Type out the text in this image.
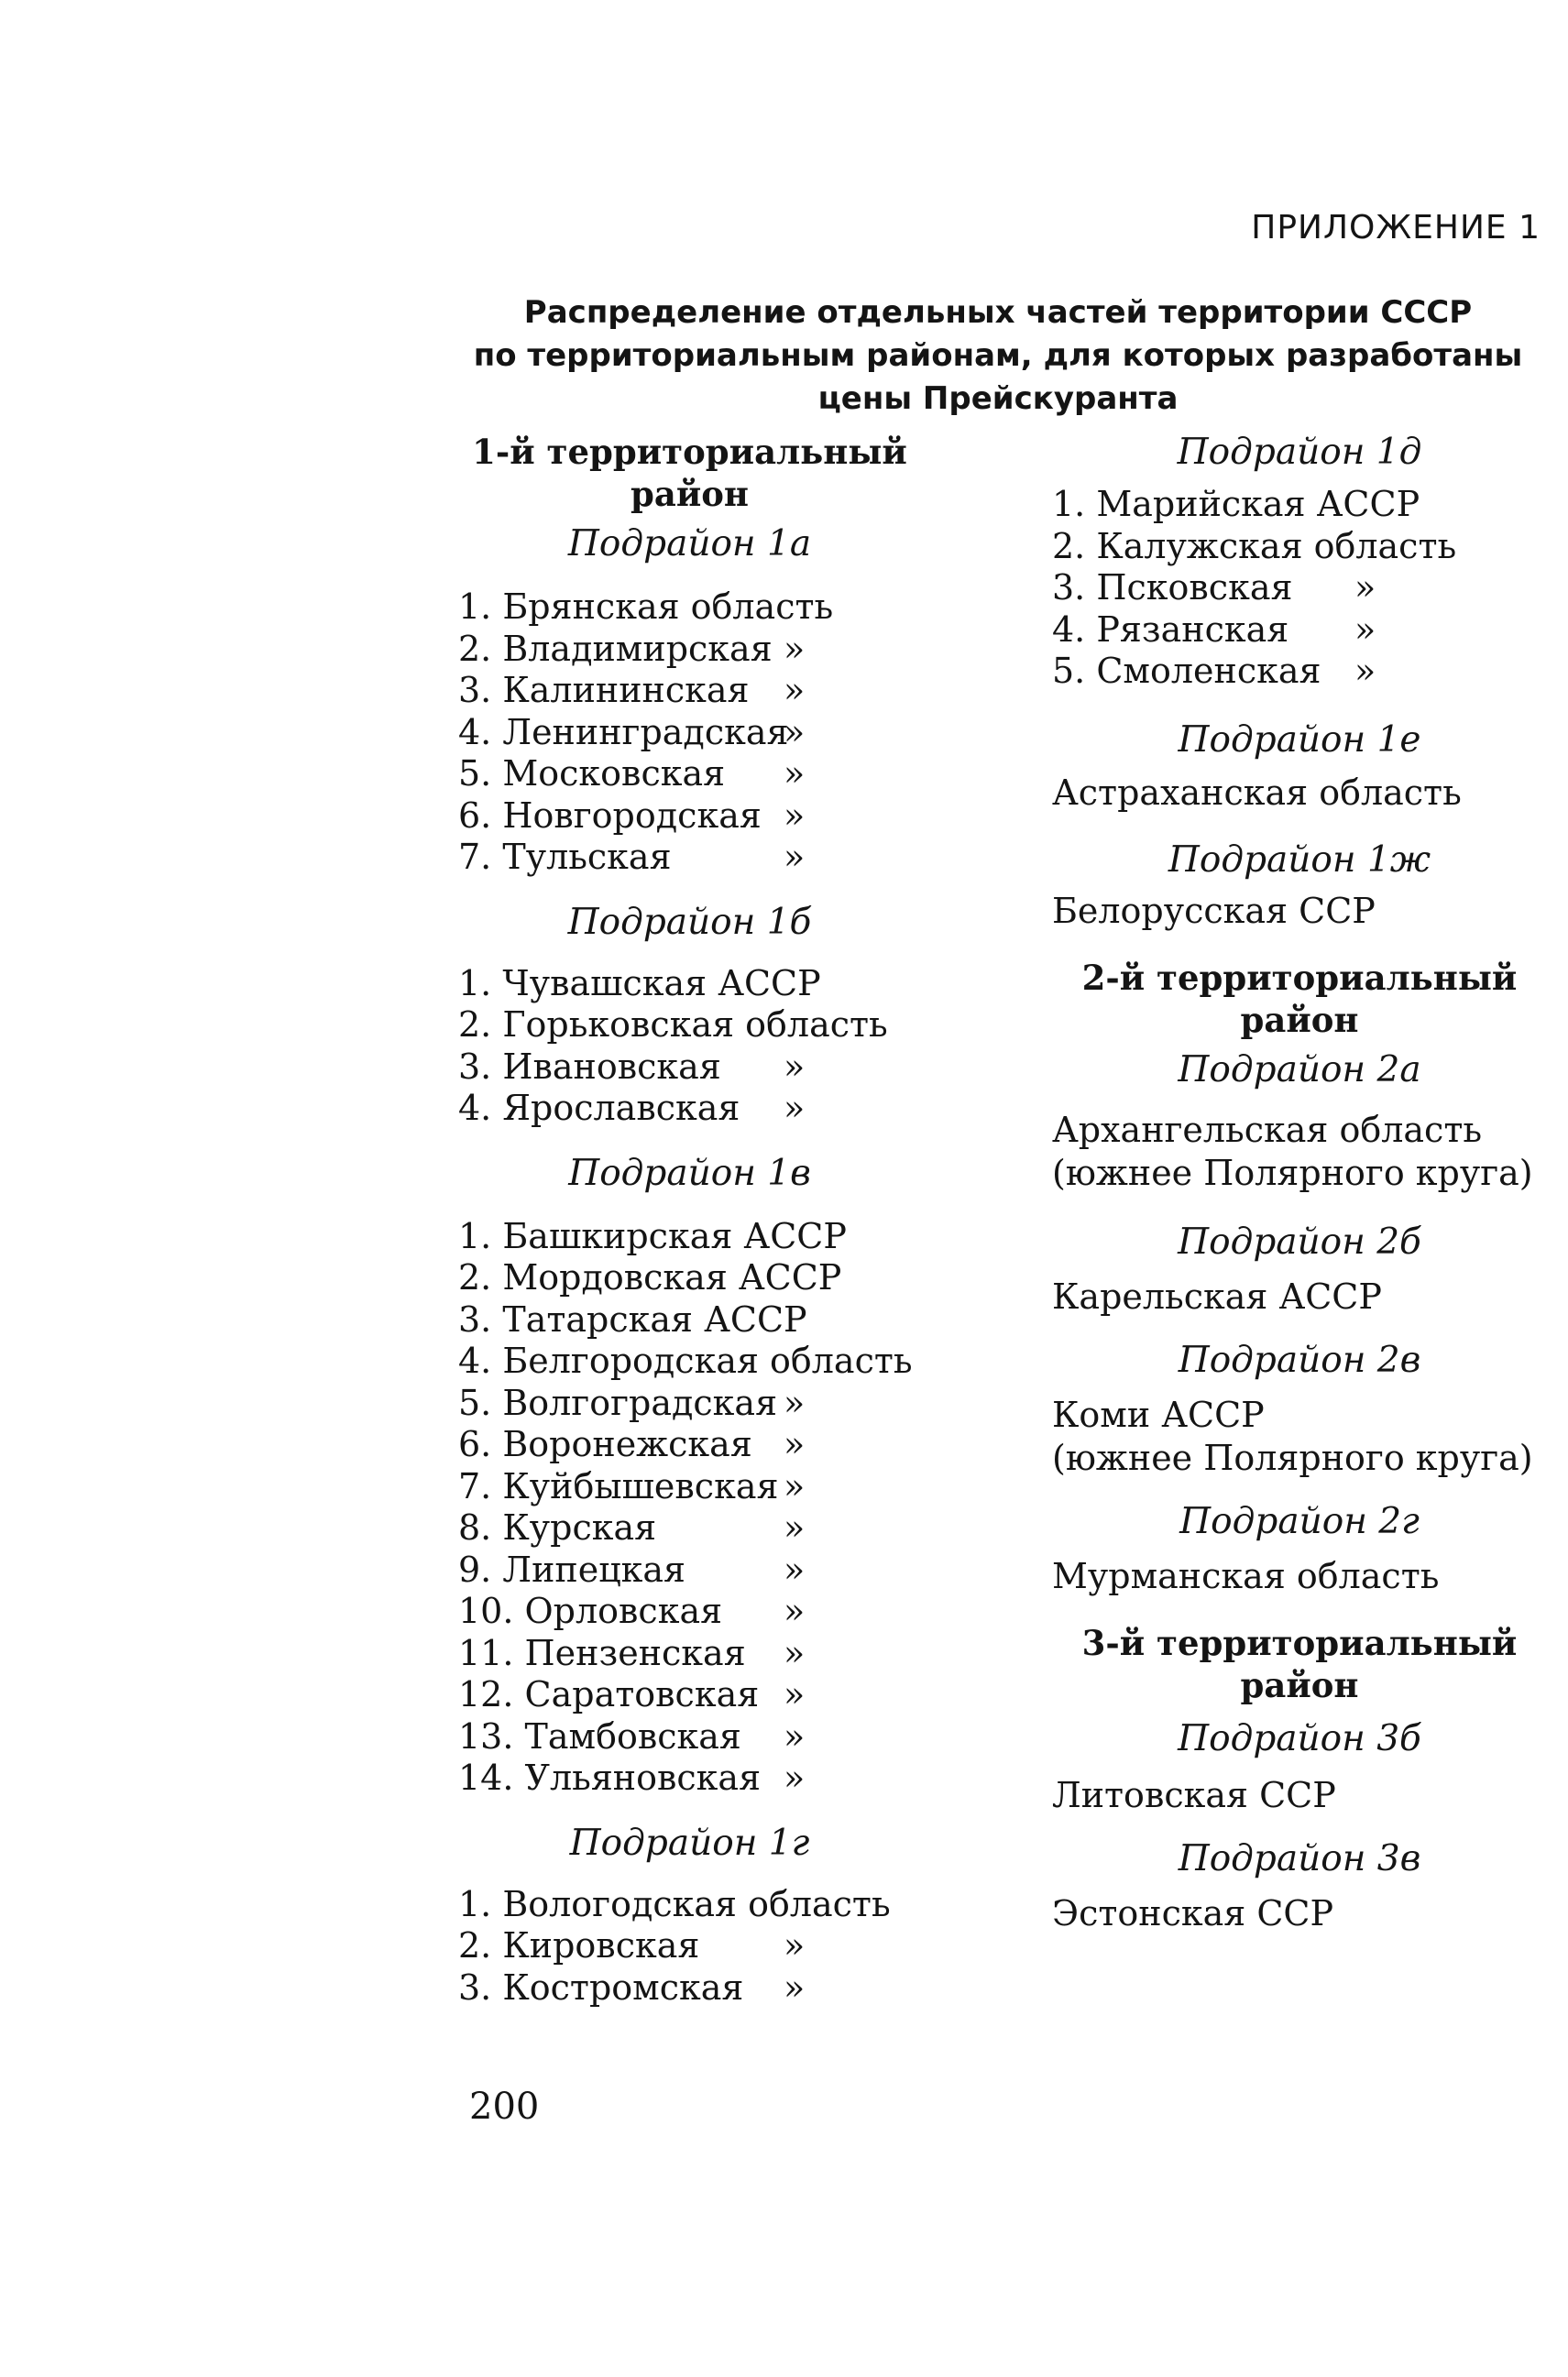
ПРИЛОЖЕНИЕ 1
Распределение отдельных частей территории СССР
по территориальным районам, для которых разработаны
цены Прейскуранта
1-й территориальный
район
Подрайон 1а
1. Брянская область
2. Владимирская »
3. Калининская »
4. Ленинградская
»
5. Московская »
6. Новгородская »
7. Тульская	»
Подрайон 1б
1. Чувашская АССР
2. Горьковская область
3. Ивановская »
4. Ярославская »
Подрайон 1в
1. Башкирская АССР
2. Мордовская АССР
3. Татарская АССР
4. Белгородская область
5. Волгоградская »
6. Воронежская »
7. Куйбышевская »
8. Курская	»
9. Липецкая	»
10. Орловская »
11. Пензенская »
12. Саратовская »
13. Тамбовская »
14. Ульяновская »
Подрайон 1г
1. Вологодская область
2. Кировская »
3. Костромская »
Подрайон 1д
1. Марийская АССР
2. Калужская область
3. Псковская »
4. Рязанская »
5. Смоленская »
Подрайон 1е
Астраханская область
Подрайон 1ж
Белорусская ССР
2-й территориальный
район
Подрайон 2а
Архангельская область
(южнее Полярного круга)
Подрайон 2б
Карельская АССР
Подрайон 2в
Коми АССР
(южнее Полярного круга)
Подрайон 2г
Мурманская область
3-й территориальный
район
Подрайон 3б
Литовская ССР
Подрайон 3в
Эстонская ССР
200
